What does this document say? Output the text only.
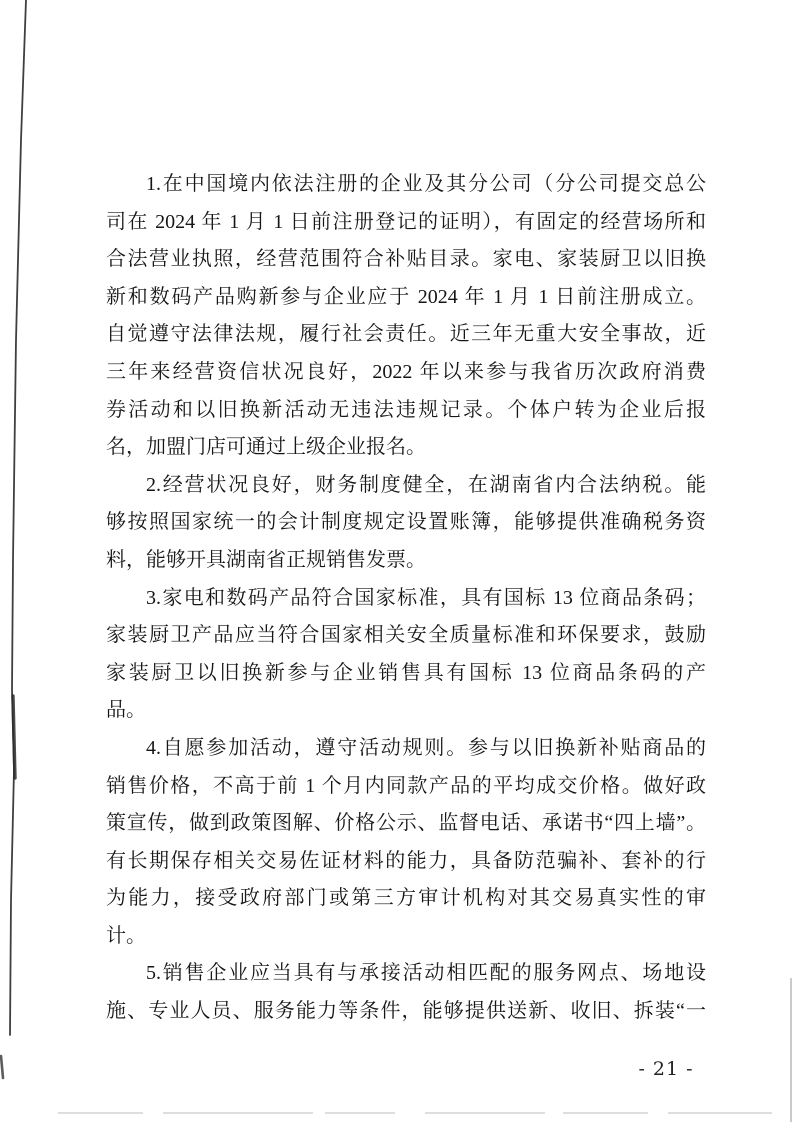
1.在中国境内依法注册的企业及其分公司（分公司提交总公
司在 2024 年 1 月 1 日前注册登记的证明），有固定的经营场所和
合法营业执照，经营范围符合补贴目录。家电、家装厨卫以旧换
新和数码产品购新参与企业应于 2024 年 1 月 1 日前注册成立。
自觉遵守法律法规，履行社会责任。近三年无重大安全事故，近
三年来经营资信状况良好，2022 年以来参与我省历次政府消费
券活动和以旧换新活动无违法违规记录。个体户转为企业后报
名，加盟门店可通过上级企业报名。
2.经营状况良好，财务制度健全，在湖南省内合法纳税。能
够按照国家统一的会计制度规定设置账簿，能够提供准确税务资
料，能够开具湖南省正规销售发票。
3.家电和数码产品符合国家标准，具有国标 13 位商品条码；
家装厨卫产品应当符合国家相关安全质量标准和环保要求，鼓励
家装厨卫以旧换新参与企业销售具有国标 13 位商品条码的产
品。
4.自愿参加活动，遵守活动规则。参与以旧换新补贴商品的
销售价格，不高于前 1 个月内同款产品的平均成交价格。做好政
策宣传，做到政策图解、价格公示、监督电话、承诺书“四上墙”。
有长期保存相关交易佐证材料的能力，具备防范骗补、套补的行
为能力，接受政府部门或第三方审计机构对其交易真实性的审
计。
5.销售企业应当具有与承接活动相匹配的服务网点、场地设
施、专业人员、服务能力等条件，能够提供送新、收旧、拆装“一
- 21 -
